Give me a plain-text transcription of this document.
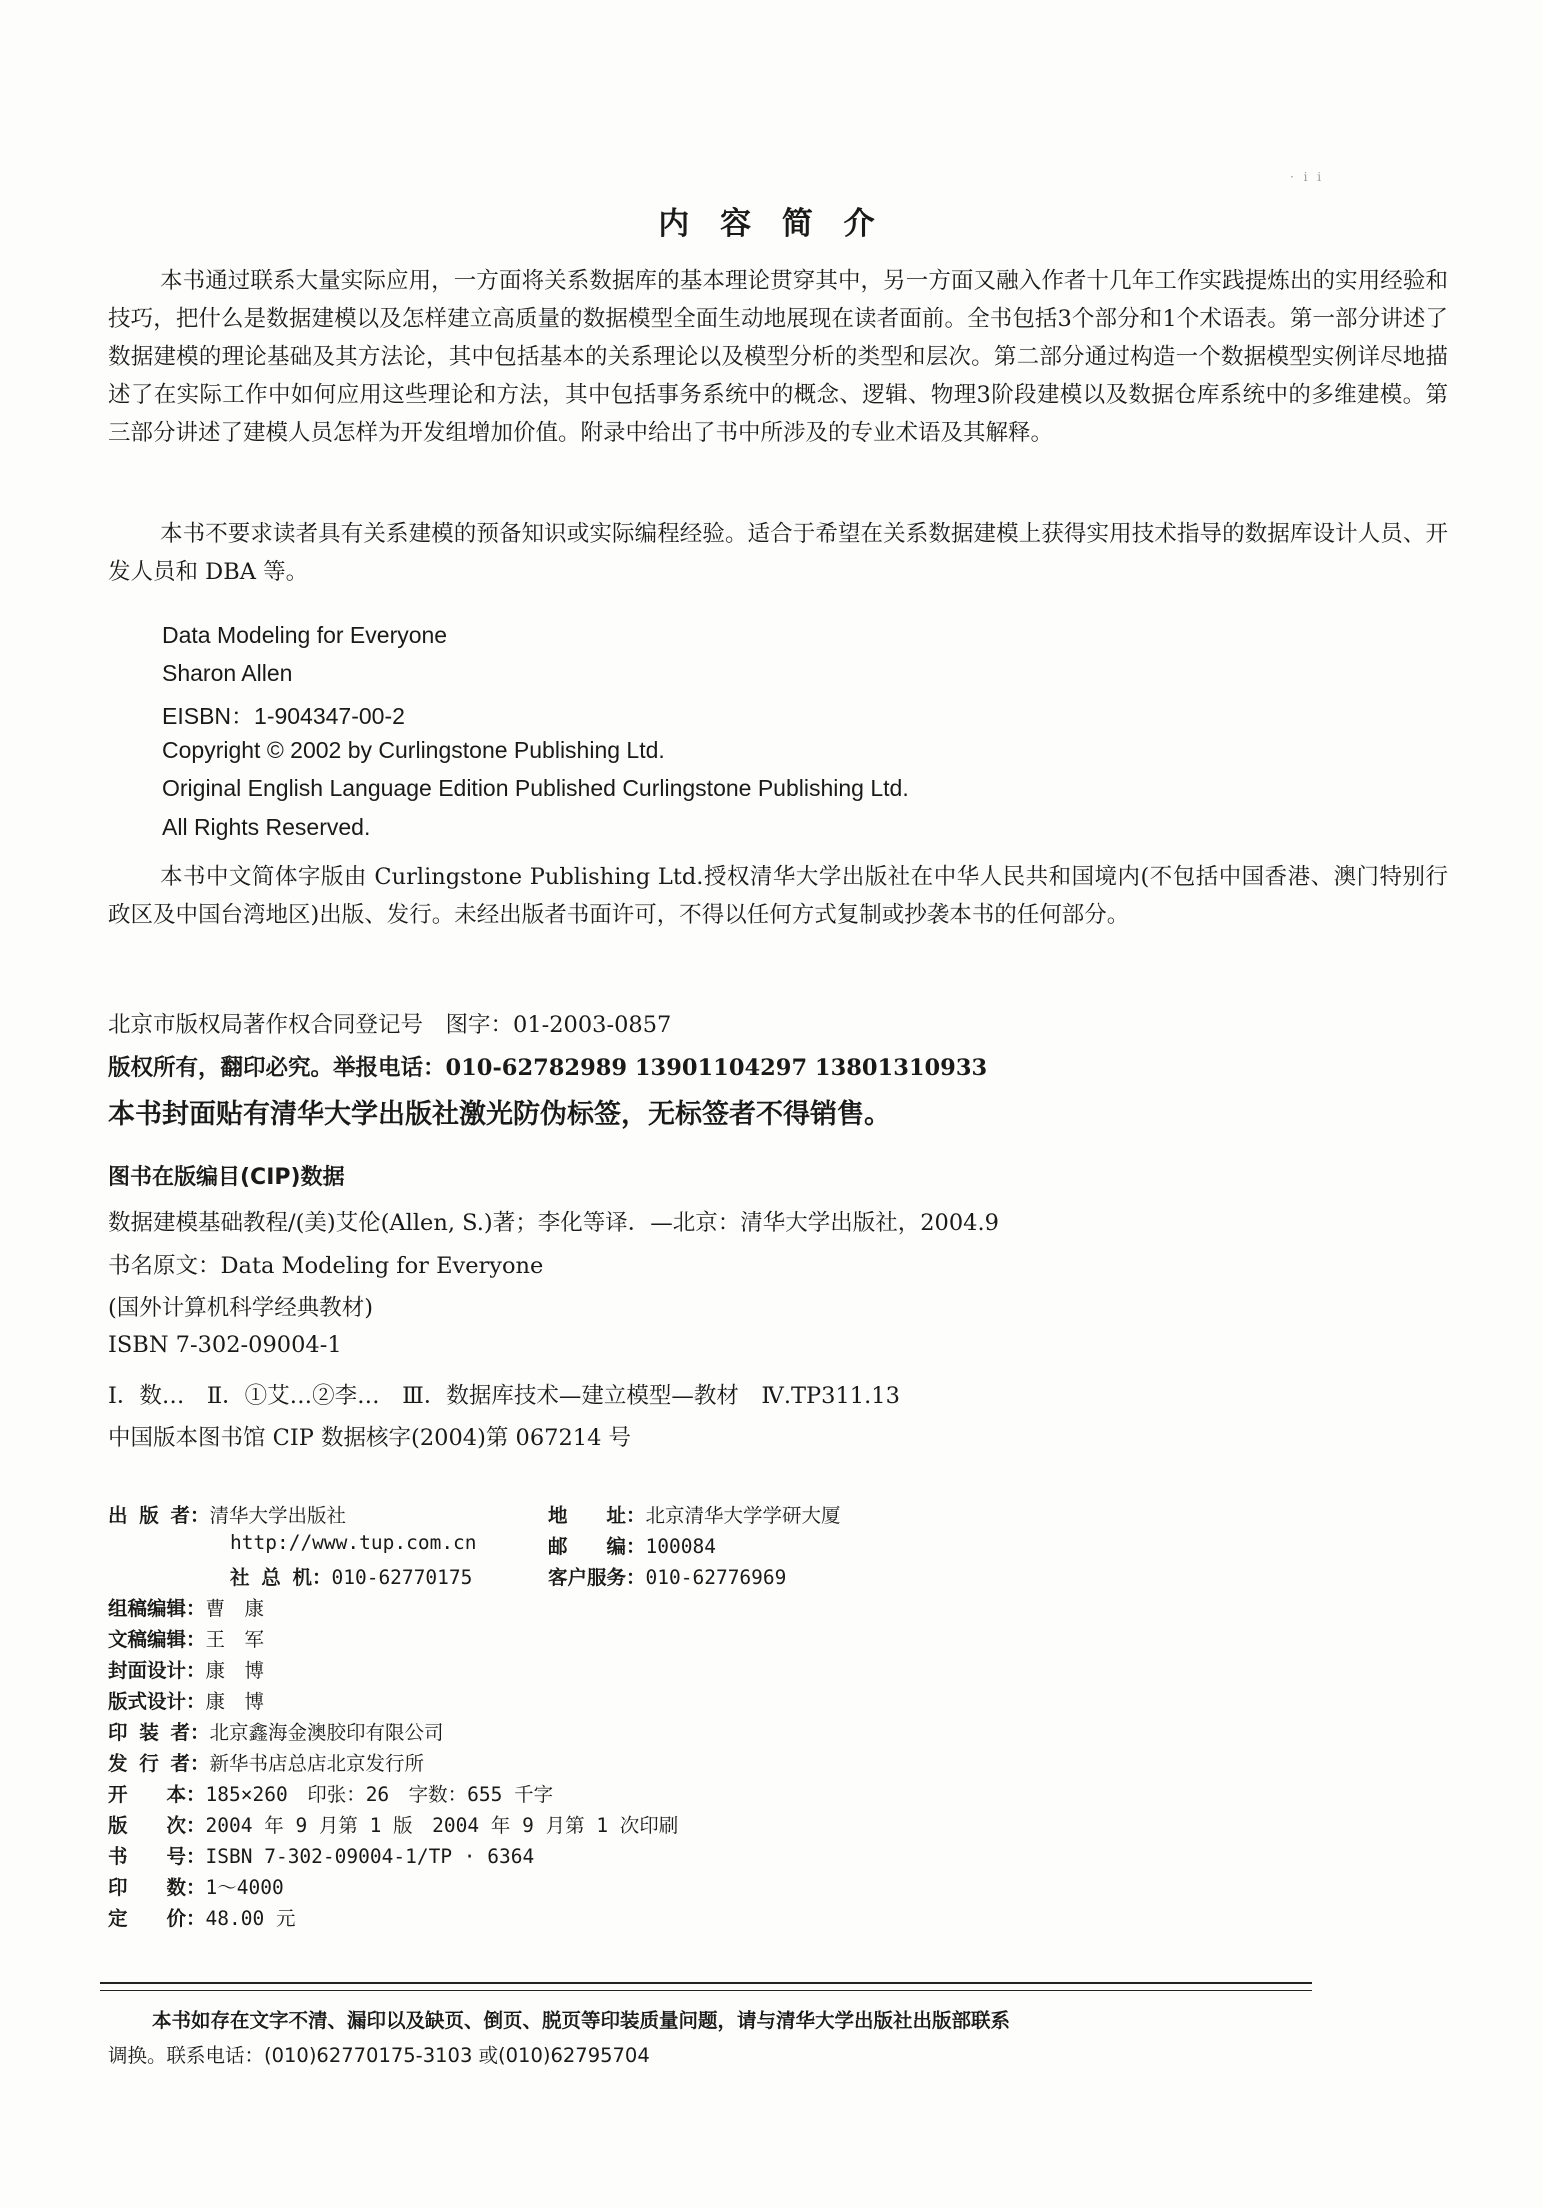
· i i
内 容 简 介
本书通过联系大量实际应用，一方面将关系数据库的基本理论贯穿其中，另一方面又融入作者十几年工作实践提炼出的实用经验和技巧，把什么是数据建模以及怎样建立高质量的数据模型全面生动地展现在读者面前。全书包括3个部分和1个术语表。第一部分讲述了数据建模的理论基础及其方法论，其中包括基本的关系理论以及模型分析的类型和层次。第二部分通过构造一个数据模型实例详尽地描述了在实际工作中如何应用这些理论和方法，其中包括事务系统中的概念、逻辑、物理3阶段建模以及数据仓库系统中的多维建模。第三部分讲述了建模人员怎样为开发组增加价值。附录中给出了书中所涉及的专业术语及其解释。
本书不要求读者具有关系建模的预备知识或实际编程经验。适合于希望在关系数据建模上获得实用技术指导的数据库设计人员、开发人员和 DBA 等。
Data Modeling for Everyone
Sharon Allen
EISBN：1-904347-00-2
Copyright © 2002 by Curlingstone Publishing Ltd.
Original English Language Edition Published Curlingstone Publishing Ltd.
All Rights Reserved.
本书中文简体字版由 Curlingstone Publishing Ltd.授权清华大学出版社在中华人民共和国境内(不包括中国香港、澳门特别行政区及中国台湾地区)出版、发行。未经出版者书面许可，不得以任何方式复制或抄袭本书的任何部分。
北京市版权局著作权合同登记号　图字：01-2003-0857
版权所有，翻印必究。举报电话：010-62782989 13901104297 13801310933
本书封面贴有清华大学出版社激光防伪标签，无标签者不得销售。
图书在版编目(CIP)数据
数据建模基础教程/(美)艾伦(Allen, S.)著；李化等译．—北京：清华大学出版社，2004.9
书名原文：Data Modeling for Everyone
(国外计算机科学经典教材)
ISBN 7-302-09004-1
Ⅰ．数…　Ⅱ．①艾…②李…　Ⅲ．数据库技术—建立模型—教材　Ⅳ.TP311.13
中国版本图书馆 CIP 数据核字(2004)第 067214 号
出 版 者：清华大学出版社	地　　址：北京清华大学学研大厦
http://www.tup.com.cn	邮　　编：100084
社 总 机：010-62770175	客户服务：010-62776969
组稿编辑：曹　康
文稿编辑：王　军
封面设计：康　博
版式设计：康　博
印 装 者：北京鑫海金澳胶印有限公司
发 行 者：新华书店总店北京发行所
开　　本：185×260　印张：26　字数：655 千字
版　　次：2004 年 9 月第 1 版　2004 年 9 月第 1 次印刷
书　　号：ISBN 7-302-09004-1/TP · 6364
印　　数：1～4000
定　　价：48.00 元
本书如存在文字不清、漏印以及缺页、倒页、脱页等印装质量问题，请与清华大学出版社出版部联系
调换。联系电话：(010)62770175-3103 或(010)62795704
